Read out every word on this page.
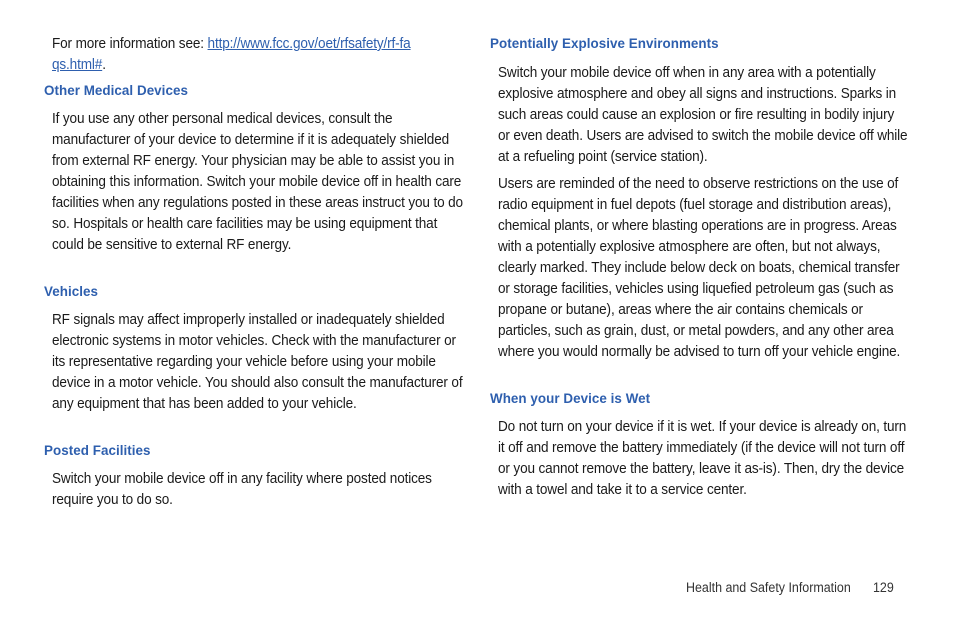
For more information see: http://www.fcc.gov/oet/rfsafety/rf-faqs.html#.

Other Medical Devices

If you use any other personal medical devices, consult the manufacturer of your device to determine if it is adequately shielded from external RF energy. Your physician may be able to assist you in obtaining this information. Switch your mobile device off in health care facilities when any regulations posted in these areas instruct you to do so. Hospitals or health care facilities may be using equipment that could be sensitive to external RF energy.

Vehicles

RF signals may affect improperly installed or inadequately shielded electronic systems in motor vehicles. Check with the manufacturer or its representative regarding your vehicle before using your mobile device in a motor vehicle. You should also consult the manufacturer of any equipment that has been added to your vehicle.

Posted Facilities

Switch your mobile device off in any facility where posted notices require you to do so.

Potentially Explosive Environments

Switch your mobile device off when in any area with a potentially explosive atmosphere and obey all signs and instructions. Sparks in such areas could cause an explosion or fire resulting in bodily injury or even death. Users are advised to switch the mobile device off while at a refueling point (service station).

Users are reminded of the need to observe restrictions on the use of radio equipment in fuel depots (fuel storage and distribution areas), chemical plants, or where blasting operations are in progress. Areas with a potentially explosive atmosphere are often, but not always, clearly marked. They include below deck on boats, chemical transfer or storage facilities, vehicles using liquefied petroleum gas (such as propane or butane), areas where the air contains chemicals or particles, such as grain, dust, or metal powders, and any other area where you would normally be advised to turn off your vehicle engine.

When your Device is Wet

Do not turn on your device if it is wet. If your device is already on, turn it off and remove the battery immediately (if the device will not turn off or you cannot remove the battery, leave it as-is). Then, dry the device with a towel and take it to a service center.

Health and Safety Information 129
